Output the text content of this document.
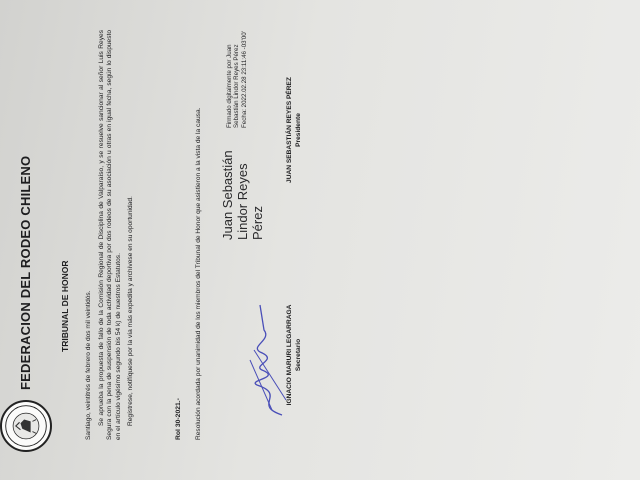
FEDERACION DEL RODEO CHILENO	TRIBUNAL DE HONOR Santiago, veintitrés de febrero de dos mil veintidós. Se aprueba la propuesta de fallo de la Comisión Regional de Disciplina de Valparaíso, y se resuelve sancionar al señor Luis Reyes Segura con la pena de suspensión de toda actividad deportiva por dos rodeos de su asociación u otras en igual fecha, según lo dispuesto en el artículo vigésimo segundo bis 54 k) de nuestros Estatutos. Regístrese, notifíquese por la vía más expedita y archívese en su oportunidad.	Rol 30-2021.- Resolución acordada por unanimidad de los miembros del Tribunal de Honor que asistieron a la vista de la causa.	IGNACIO MARURI LEGARRAGA Secretario
Juan Sebastián Lindor Reyes Pérez
Firmado digitalmente por Juan Sebastián Lindor Reyes Pérez Fecha: 2022.02.28 23:11:46 -03'00'	JUAN SEBASTIÁN REYES PÉREZ Presidente
